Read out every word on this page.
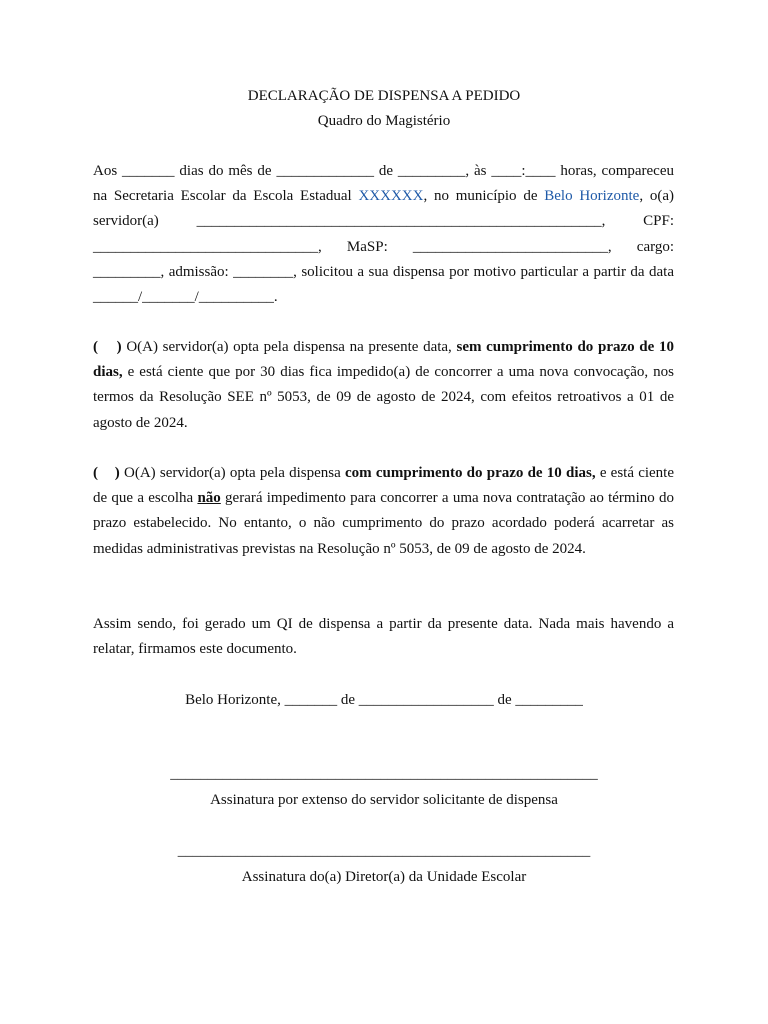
DECLARAÇÃO DE DISPENSA A PEDIDO
Quadro do Magistério
Aos _______ dias do mês de _____________ de _________, às ____:____ horas, compareceu na Secretaria Escolar da Escola Estadual XXXXXX, no município de Belo Horizonte, o(a) servidor(a) ______________________________________________________, CPF: ______________________________, MaSP: __________________________, cargo: _________, admissão: ________, solicitou a sua dispensa por motivo particular a partir da data ______/_______/__________.
(    ) O(A) servidor(a) opta pela dispensa na presente data, sem cumprimento do prazo de 10 dias, e está ciente que por 30 dias fica impedido(a) de concorrer a uma nova convocação, nos termos da Resolução SEE nº 5053, de 09 de agosto de 2024, com efeitos retroativos a 01 de agosto de 2024.
(    ) O(A) servidor(a) opta pela dispensa com cumprimento do prazo de 10 dias, e está ciente de que a escolha não gerará impedimento para concorrer a uma nova contratação ao término do prazo estabelecido. No entanto, o não cumprimento do prazo acordado poderá acarretar as medidas administrativas previstas na Resolução nº 5053, de 09 de agosto de 2024.
Assim sendo, foi gerado um QI de dispensa a partir da presente data. Nada mais havendo a relatar, firmamos este documento.
Belo Horizonte, _______ de __________________ de _________
_________________________________________________________
Assinatura por extenso do servidor solicitante de dispensa
_______________________________________________________
Assinatura do(a) Diretor(a) da Unidade Escolar
